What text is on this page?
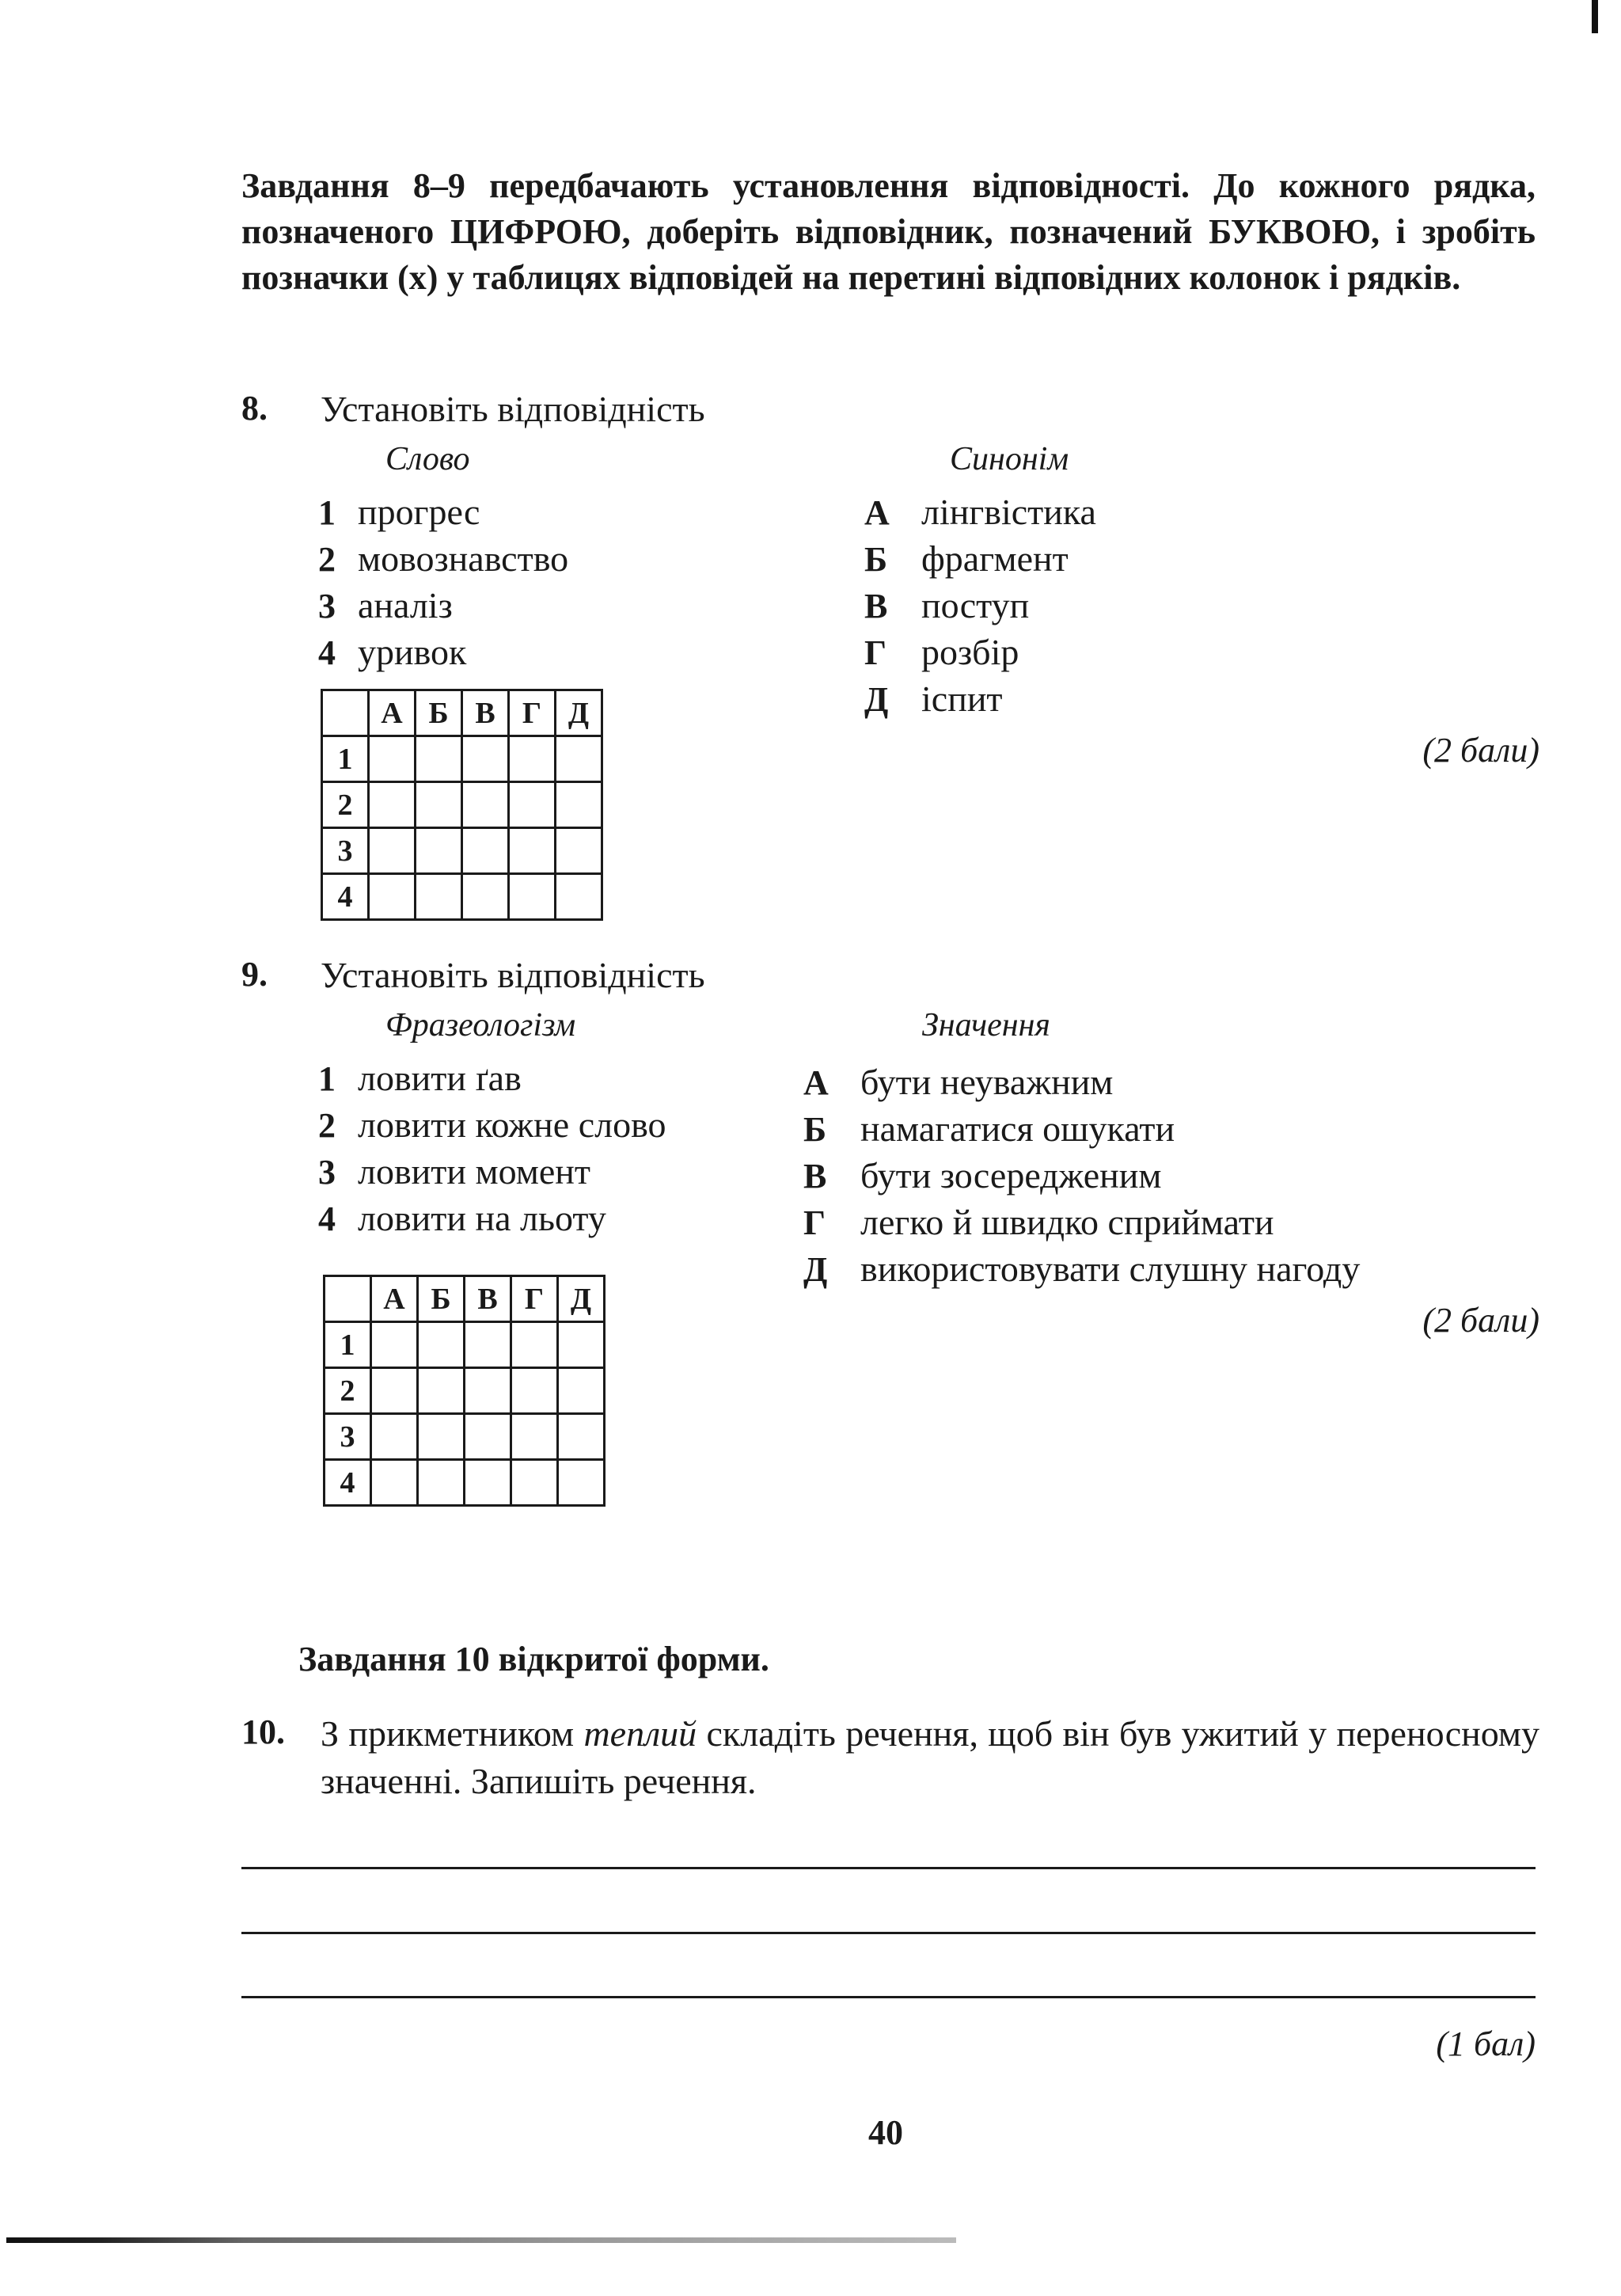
Завдання 8–9 передбачають установлення відповідності. До кожного рядка, позначеного ЦИФРОЮ, доберіть відповідник, позначений БУКВОЮ, і зробіть позначки (х) у таблицях відповідей на перетині відповідних колонок і рядків.
8. Установіть відповідність
Слово	Синонім
1 прогрес
2 мовознавство
3 аналіз
4 уривок
А лінгвістика
Б фрагмент
В поступ
Г розбір
Д іспит
	А	Б	В	Г	Д
1					
2					
3					
4					
(2 бали)
9. Установіть відповідність
Фразеологізм	Значення
1 ловити ґав
2 ловити кожне слово
3 ловити момент
4 ловити на льоту
А бути неуважним
Б намагатися ошукати
В бути зосередженим
Г легко й швидко сприймати
Д використовувати слушну нагоду
	А	Б	В	Г	Д
1					
2					
3					
4					
(2 бали)
Завдання 10 відкритої форми.
10. З прикметником теплий складіть речення, щоб він був ужитий у переносному значенні. Запишіть речення.
(1 бал)
40
